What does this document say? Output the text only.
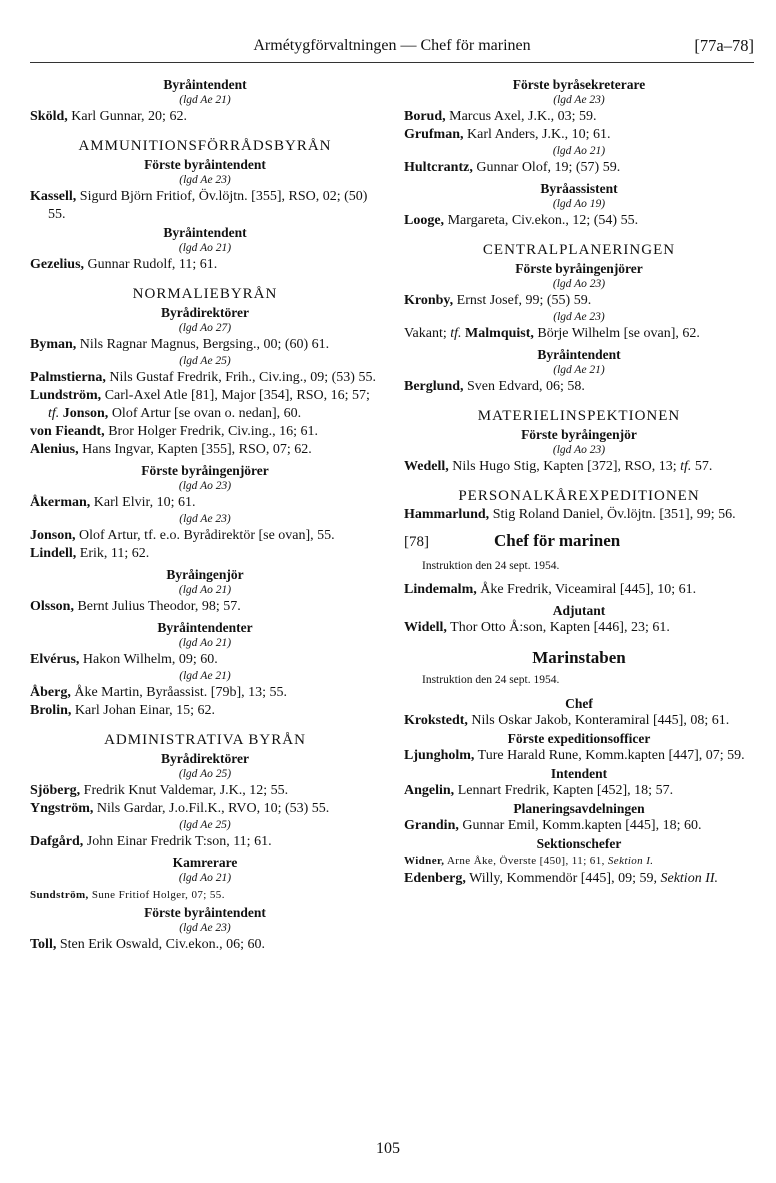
Armétygförvaltningen — Chef för marinen	[77a–78]
Byråintendent
(lgd Ae 21)
Sköld, Karl Gunnar, 20; 62.
AMMUNITIONSFÖRRÅDSBYRÅN
Förste byråintendent
(lgd Ae 23)
Kassell, Sigurd Björn Fritiof, Öv.löjtn. [355], RSO, 02; (50) 55.
Byråintendent
(lgd Ao 21)
Gezelius, Gunnar Rudolf, 11; 61.
NORMALIEBYRÅN
Byrådirektörer
(lgd Ao 27)
Byman, Nils Ragnar Magnus, Bergsing., 00; (60) 61.
(lgd Ae 25)
Palmstierna, Nils Gustaf Fredrik, Frih., Civ.ing., 09; (53) 55.
Lundström, Carl-Axel Atle [81], Major [354], RSO, 16; 57; tf. Jonson, Olof Artur [se ovan o. nedan], 60.
von Fieandt, Bror Holger Fredrik, Civ.ing., 16; 61.
Alenius, Hans Ingvar, Kapten [355], RSO, 07; 62.
Förste byråingenjörer
(lgd Ao 23)
Åkerman, Karl Elvir, 10; 61.
(lgd Ae 23)
Jonson, Olof Artur, tf. e.o. Byrådirektör [se ovan], 55.
Lindell, Erik, 11; 62.
Byråingenjör
(lgd Ao 21)
Olsson, Bernt Julius Theodor, 98; 57.
Byråintendenter
(lgd Ao 21)
Elvérus, Hakon Wilhelm, 09; 60.
(lgd Ae 21)
Åberg, Åke Martin, Byråassist. [79b], 13; 55.
Brolin, Karl Johan Einar, 15; 62.
ADMINISTRATIVA BYRÅN
Byrådirektörer
(lgd Ao 25)
Sjöberg, Fredrik Knut Valdemar, J.K., 12; 55.
Yngström, Nils Gardar, J.o.Fil.K., RVO, 10; (53) 55.
(lgd Ae 25)
Dafgård, John Einar Fredrik T:son, 11; 61.
Kamrerare
(lgd Ao 21)
Sundström, Sune Fritiof Holger, 07; 55.
Förste byråintendent
(lgd Ae 23)
Toll, Sten Erik Oswald, Civ.ekon., 06; 60.
Förste byråsekreterare
(lgd Ae 23)
Borud, Marcus Axel, J.K., 03; 59.
Grufman, Karl Anders, J.K., 10; 61.
(lgd Ao 21)
Hultcrantz, Gunnar Olof, 19; (57) 59.
Byråassistent
(lgd Ao 19)
Looge, Margareta, Civ.ekon., 12; (54) 55.
CENTRALPLANERINGEN
Förste byråingenjörer
(lgd Ao 23)
Kronby, Ernst Josef, 99; (55) 59.
(lgd Ae 23)
Vakant; tf. Malmquist, Börje Wilhelm [se ovan], 62.
Byråintendent
(lgd Ae 21)
Berglund, Sven Edvard, 06; 58.
MATERIELINSPEKTIONEN
Förste byråingenjör
(lgd Ao 23)
Wedell, Nils Hugo Stig, Kapten [372], RSO, 13; tf. 57.
PERSONALKÅREXPEDITIONEN
Hammarlund, Stig Roland Daniel, Öv.löjtn. [351], 99; 56.
[78]	Chef för marinen
Instruktion den 24 sept. 1954.
Lindemalm, Åke Fredrik, Viceamiral [445], 10; 61.
Adjutant
Widell, Thor Otto Å:son, Kapten [446], 23; 61.
Marinstaben
Instruktion den 24 sept. 1954.
Chef
Krokstedt, Nils Oskar Jakob, Konteramiral [445], 08; 61.
Förste expeditionsofficer
Ljungholm, Ture Harald Rune, Komm.kapten [447], 07; 59.
Intendent
Angelin, Lennart Fredrik, Kapten [452], 18; 57.
Planeringsavdelningen
Grandin, Gunnar Emil, Komm.kapten [445], 18; 60.
Sektionschefer
Widner, Arne Åke, Överste [450], 11; 61, Sektion I.
Edenberg, Willy, Kommendör [445], 09; 59, Sektion II.
105
